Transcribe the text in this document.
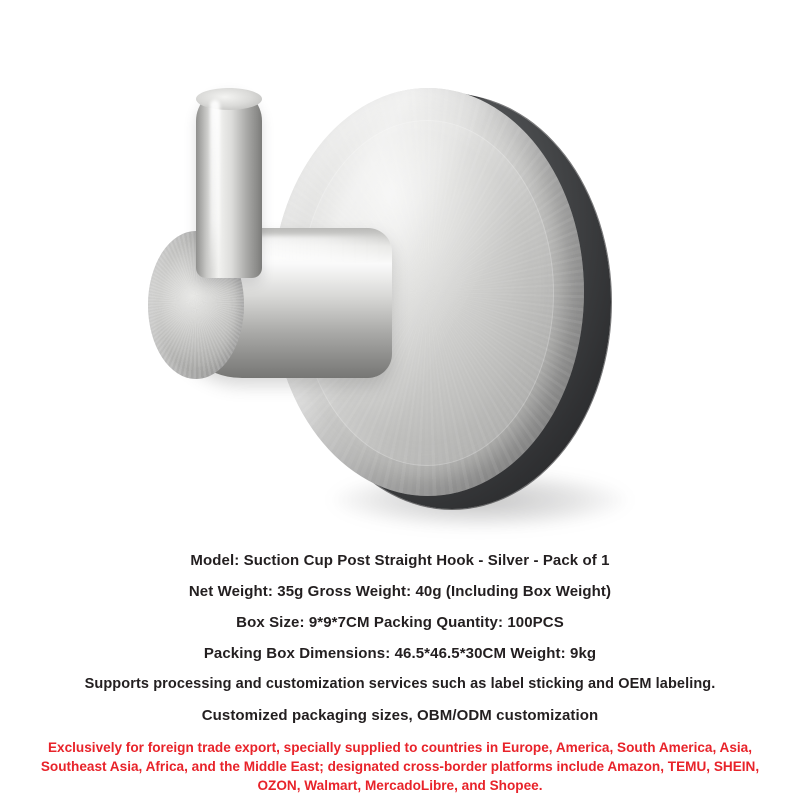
Model: Suction Cup Post Straight Hook - Silver - Pack of 1
Net Weight: 35g Gross Weight: 40g (Including Box Weight)
Box Size: 9*9*7CM Packing Quantity: 100PCS
Packing Box Dimensions: 46.5*46.5*30CM Weight: 9kg
Supports processing and customization services such as label sticking and OEM labeling.
Customized packaging sizes, OBM/ODM customization
Exclusively for foreign trade export, specially supplied to countries in Europe, America, South America, Asia, Southeast Asia, Africa, and the Middle East; designated cross-border platforms include Amazon, TEMU, SHEIN, OZON, Walmart, MercadoLibre, and Shopee.
